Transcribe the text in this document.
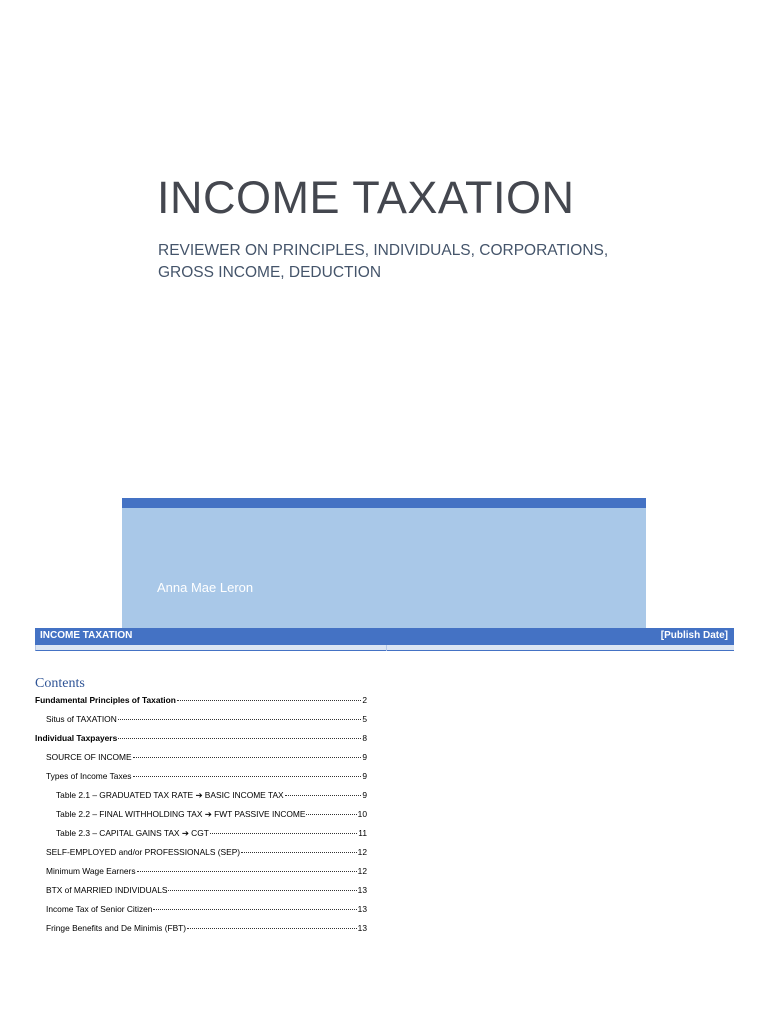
INCOME TAXATION
REVIEWER ON PRINCIPLES, INDIVIDUALS, CORPORATIONS, GROSS INCOME, DEDUCTION
Anna Mae Leron
INCOME TAXATION	[Publish Date]
Contents
Fundamental Principles of Taxation	2
Situs of TAXATION	5
Individual Taxpayers	8
SOURCE OF INCOME	9
Types of Income Taxes	9
Table 2.1 – GRADUATED TAX RATE ➔ BASIC INCOME TAX	9
Table 2.2 – FINAL WITHHOLDING TAX ➔ FWT PASSIVE INCOME	10
Table 2.3 – CAPITAL GAINS TAX ➔ CGT	11
SELF-EMPLOYED and/or PROFESSIONALS (SEP)	12
Minimum Wage Earners	12
BTX of MARRIED INDIVIDUALS	13
Income Tax of Senior Citizen	13
Fringe Benefits and De Minimis (FBT)	13
